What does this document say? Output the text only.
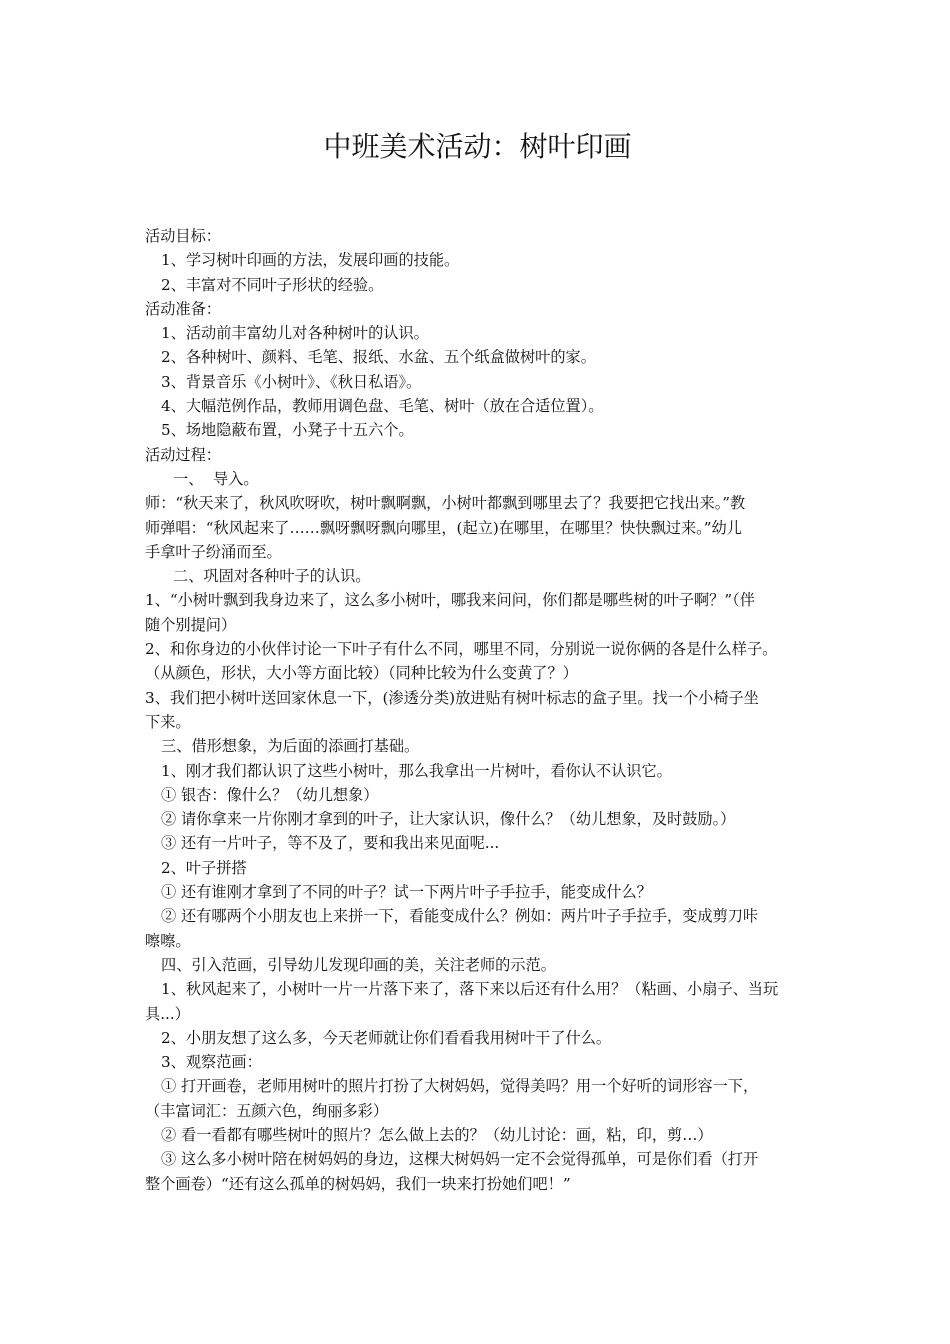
中班美术活动：树叶印画

活动目标：

1、学习树叶印画的方法，发展印画的技能。

2、丰富对不同叶子形状的经验。

活动准备：

1、活动前丰富幼儿对各种树叶的认识。

2、各种树叶、颜料、毛笔、报纸、水盆、五个纸盒做树叶的家。

3、背景音乐《小树叶》、《秋日私语》。

4、大幅范例作品，教师用调色盘、毛笔、树叶（放在合适位置）。

5、场地隐蔽布置，小凳子十五六个。

活动过程：

一、  导入。

师：“秋天来了，秋风吹呀吹，树叶飘啊飘，小树叶都飘到哪里去了？我要把它找出来。”教

师弹唱：“秋风起来了……飘呀飘呀飘向哪里，(起立)在哪里，在哪里？快快飘过来。”幼儿

手拿叶子纷涌而至。

二、巩固对各种叶子的认识。

1、“小树叶飘到我身边来了，这么多小树叶，哪我来问问，你们都是哪些树的叶子啊？”（伴

随个别提问）

2、和你身边的小伙伴讨论一下叶子有什么不同，哪里不同，分别说一说你俩的各是什么样子。

（从颜色，形状，大小等方面比较）（同种比较为什么变黄了？）

3、我们把小树叶送回家休息一下，(渗透分类)放进贴有树叶标志的盒子里。找一个小椅子坐

下来。

三、借形想象，为后面的添画打基础。

1、刚才我们都认识了这些小树叶，那么我拿出一片树叶，看你认不认识它。

① 银杏：像什么？（幼儿想象）

② 请你拿来一片你刚才拿到的叶子，让大家认识，像什么？（幼儿想象，及时鼓励。）

③ 还有一片叶子，等不及了，要和我出来见面呢...

2、叶子拼搭

① 还有谁刚才拿到了不同的叶子？试一下两片叶子手拉手，能变成什么？

② 还有哪两个小朋友也上来拼一下，看能变成什么？例如：两片叶子手拉手，变成剪刀咔

嚓嚓。

四、引入范画，引导幼儿发现印画的美，关注老师的示范。

1、秋风起来了，小树叶一片一片落下来了，落下来以后还有什么用？（粘画、小扇子、当玩

具...）

2、小朋友想了这么多，今天老师就让你们看看我用树叶干了什么。

3、观察范画：

① 打开画卷，老师用树叶的照片打扮了大树妈妈，觉得美吗？用一个好听的词形容一下，

（丰富词汇：五颜六色，绚丽多彩）

② 看一看都有哪些树叶的照片？怎么做上去的？（幼儿讨论：画，粘，印，剪…）

③ 这么多小树叶陪在树妈妈的身边，这棵大树妈妈一定不会觉得孤单，可是你们看（打开

整个画卷）“还有这么孤单的树妈妈，我们一块来打扮她们吧！”
